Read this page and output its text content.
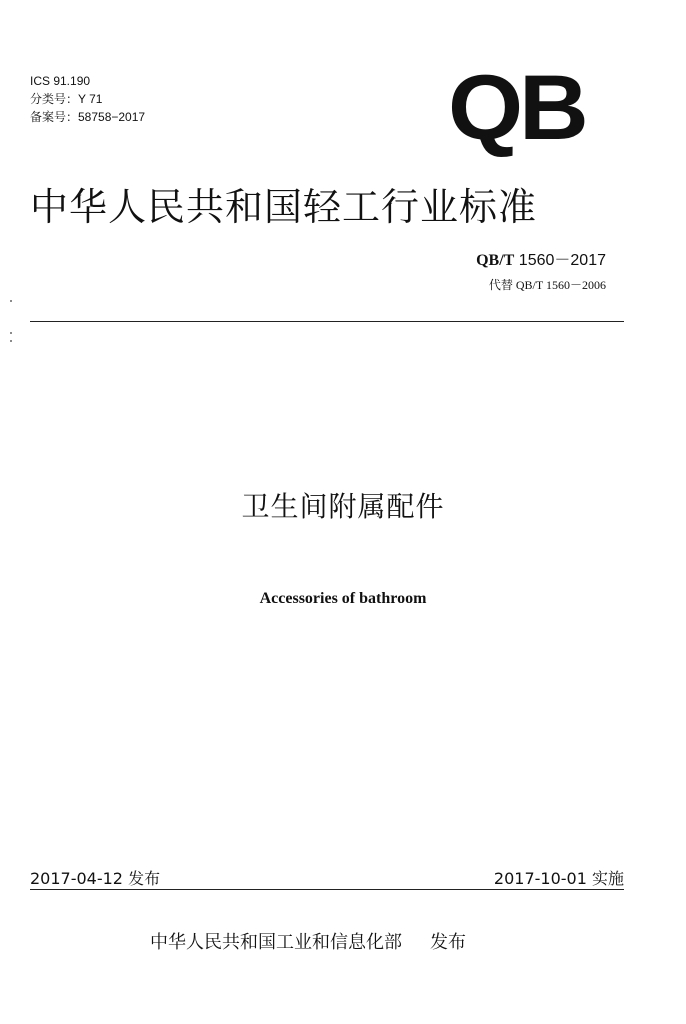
ICS 91.190
分类号：Y 71
备案号：58758−2017	QB
中华人民共和国轻工行业标准
QB/T 1560－2017
代替 QB/T 1560－2006
卫生间附属配件
Accessories of bathroom
2017-04-12 发布	2017-10-01 实施
中华人民共和国工业和信息化部 发布
